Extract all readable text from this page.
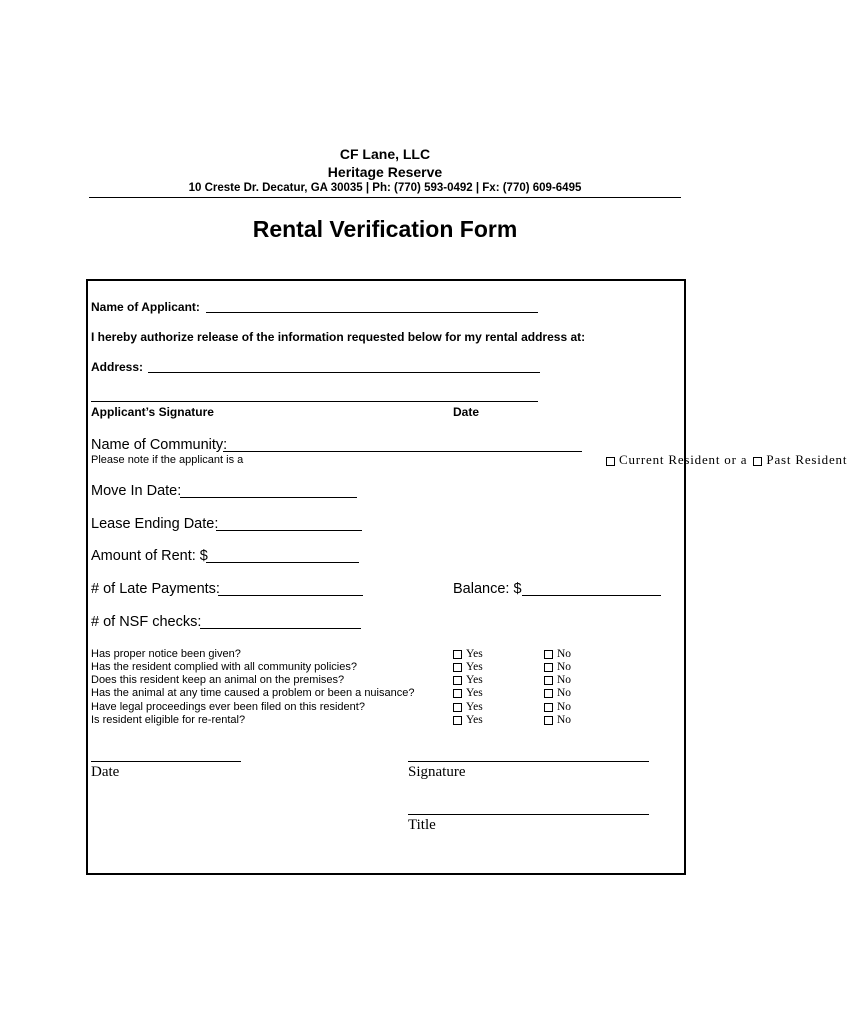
CF Lane, LLC
Heritage Reserve
10 Creste Dr. Decatur, GA 30035 | Ph: (770) 593-0492 | Fx: (770) 609-6495
Rental Verification Form
Name of Applicant:
I hereby authorize release of the information requested below for my rental address at:
Address:
Applicant’s Signature	Date
Name of Community:
Please note if the applicant is a	Current Resident or a Past Resident
Move In Date:
Lease Ending Date:
Amount of Rent: $
# of Late Payments:	Balance: $
# of NSF checks:
Has proper notice been given?	Yes	No
Has the resident complied with all community policies?	Yes	No
Does this resident keep an animal on the premises?	Yes	No
Has the animal at any time caused a problem or been a nuisance?	Yes	No
Have legal proceedings ever been filed on this resident?	Yes	No
Is resident eligible for re-rental?	Yes	No
Date	Signature
Title
